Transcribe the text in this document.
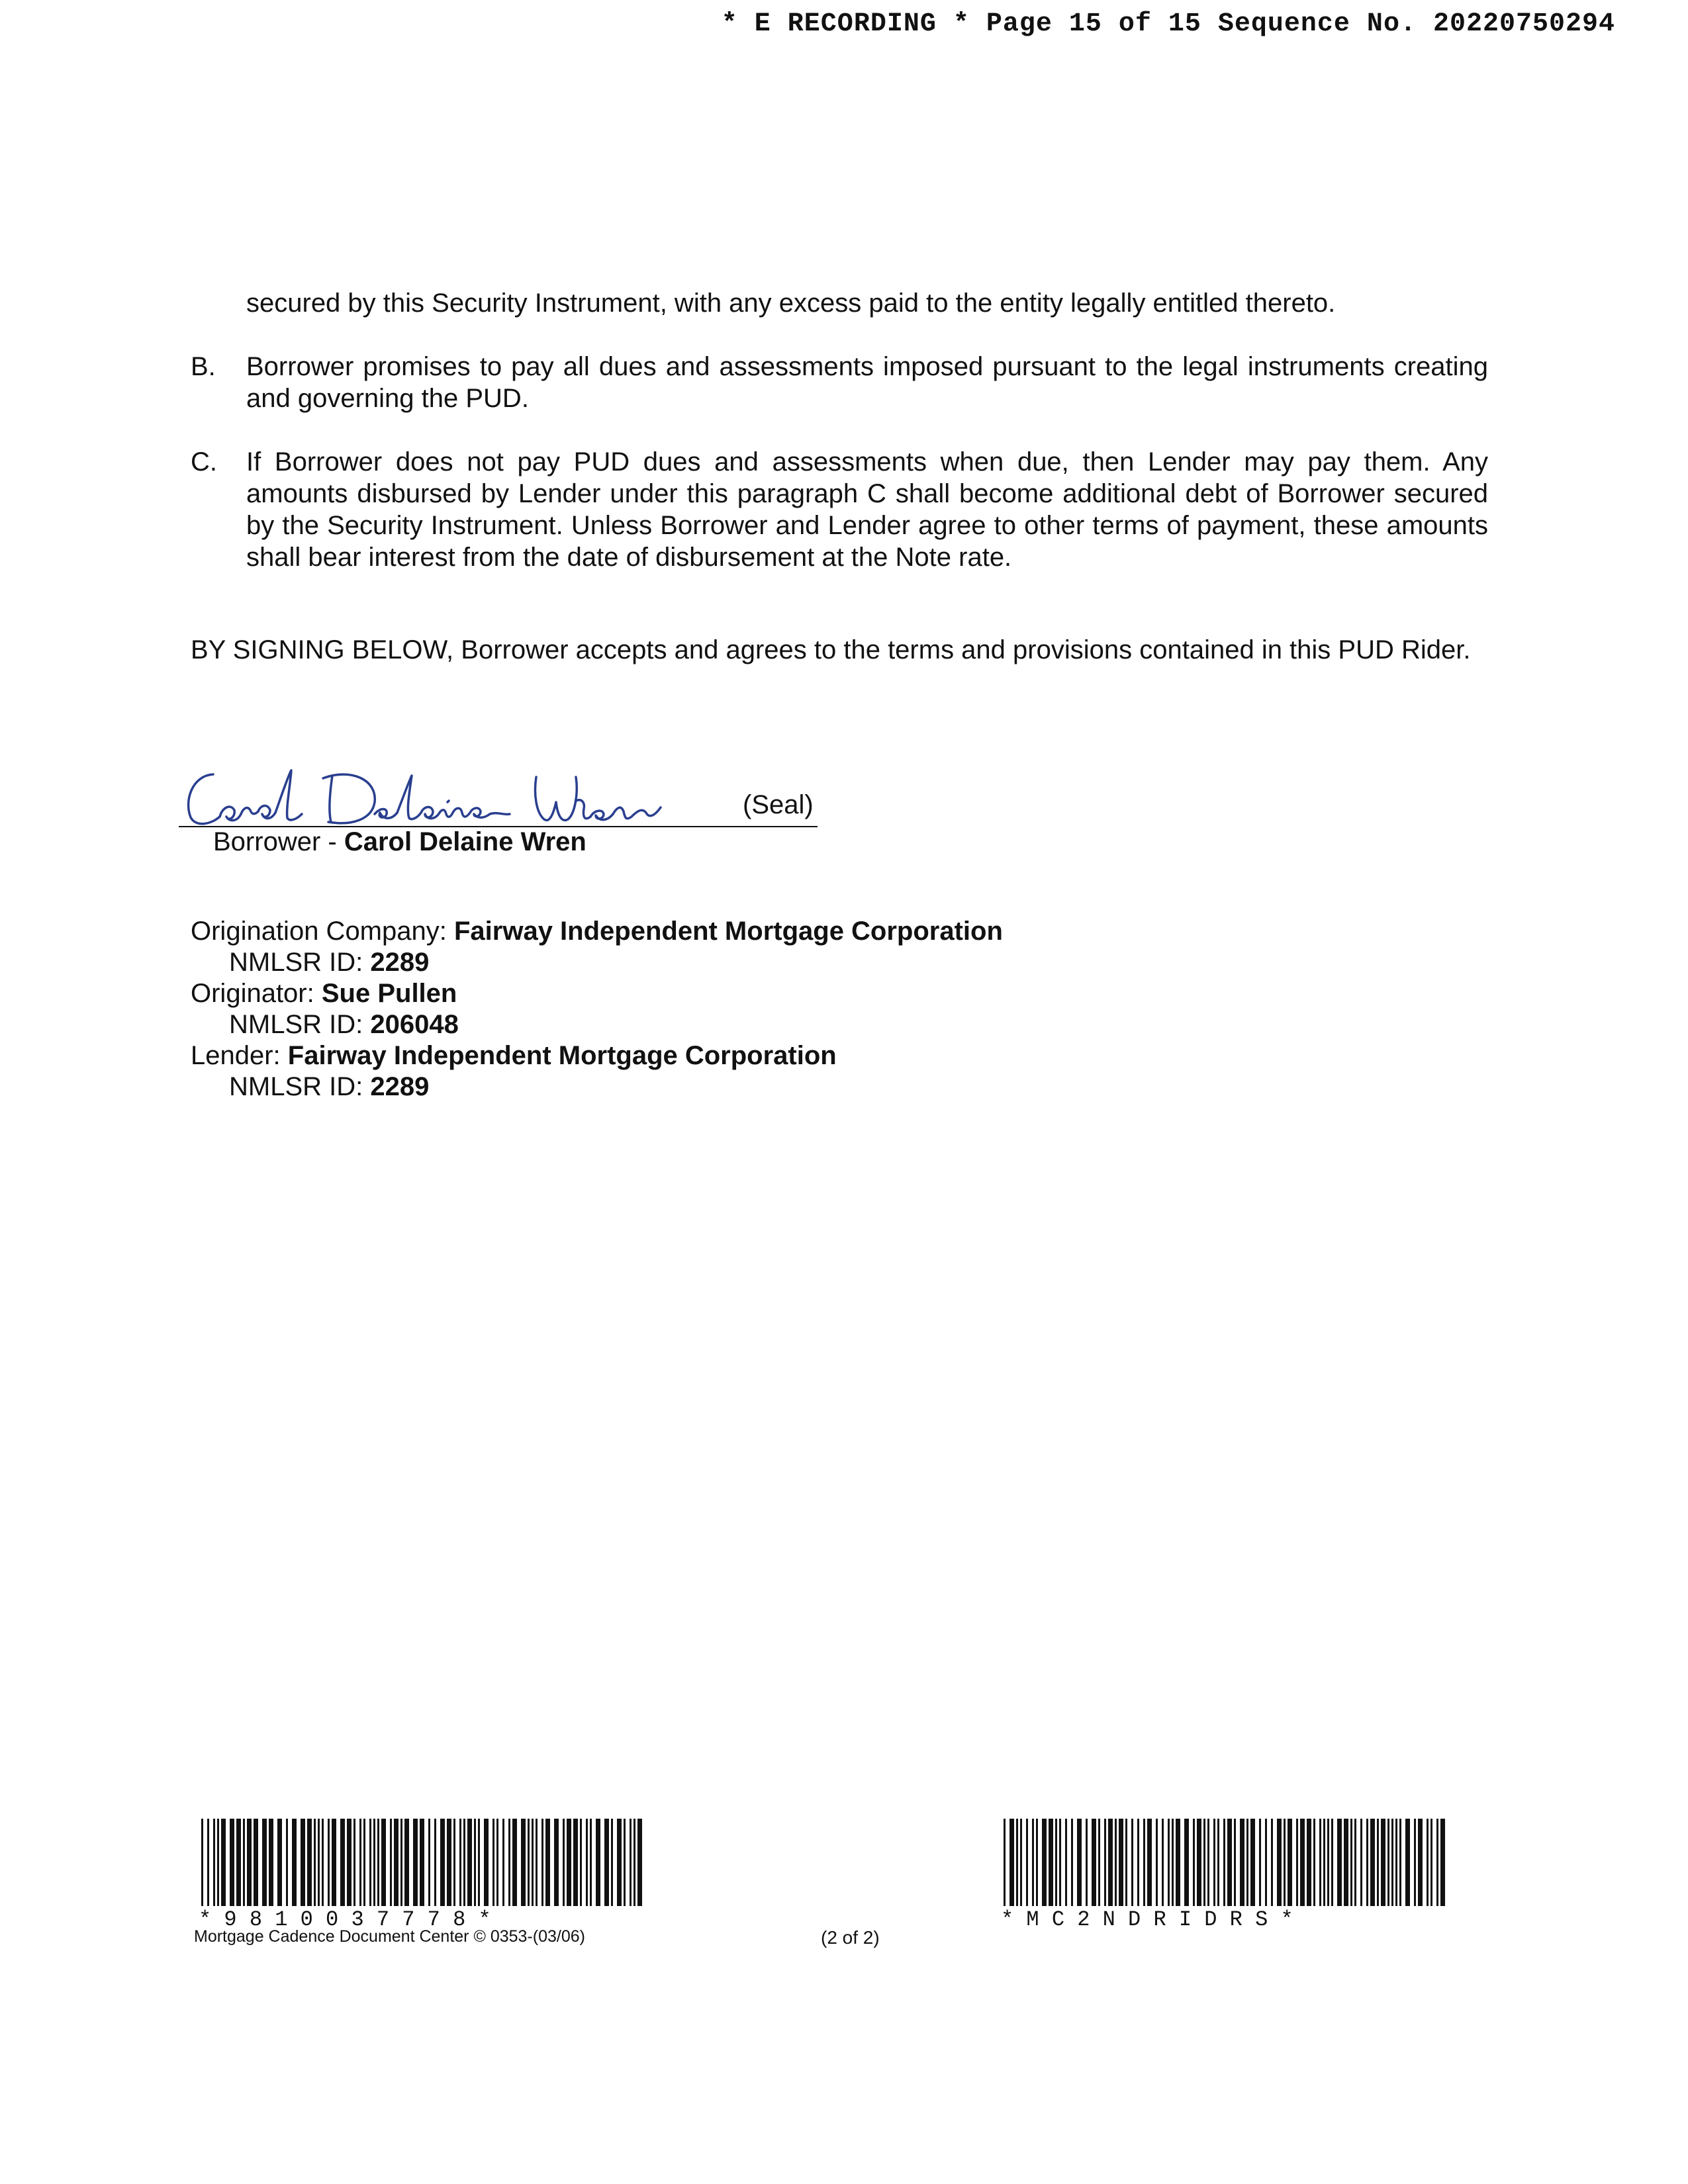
* E RECORDING * Page 15 of 15 Sequence No. 20220750294
secured by this Security Instrument, with any excess paid to the entity legally entitled thereto.
B.	Borrower promises to pay all dues and assessments imposed pursuant to the legal instruments creating and governing the PUD.
C.	If Borrower does not pay PUD dues and assessments when due, then Lender may pay them. Any amounts disbursed by Lender under this paragraph C shall become additional debt of Borrower secured by the Security Instrument. Unless Borrower and Lender agree to other terms of payment, these amounts shall bear interest from the date of disbursement at the Note rate.
BY SIGNING BELOW, Borrower accepts and agrees to the terms and provisions contained in this PUD Rider.
(Seal)
Borrower - Carol Delaine Wren
Origination Company: Fairway Independent Mortgage Corporation
NMLSR ID: 2289
Originator: Sue Pullen
NMLSR ID: 206048
Lender: Fairway Independent Mortgage Corporation
NMLSR ID: 2289
* 9 8 1 0 0 3 7 7 7 8 *	* M C 2 N D R I D R S *
Mortgage Cadence Document Center © 0353-(03/06)	(2 of 2)
